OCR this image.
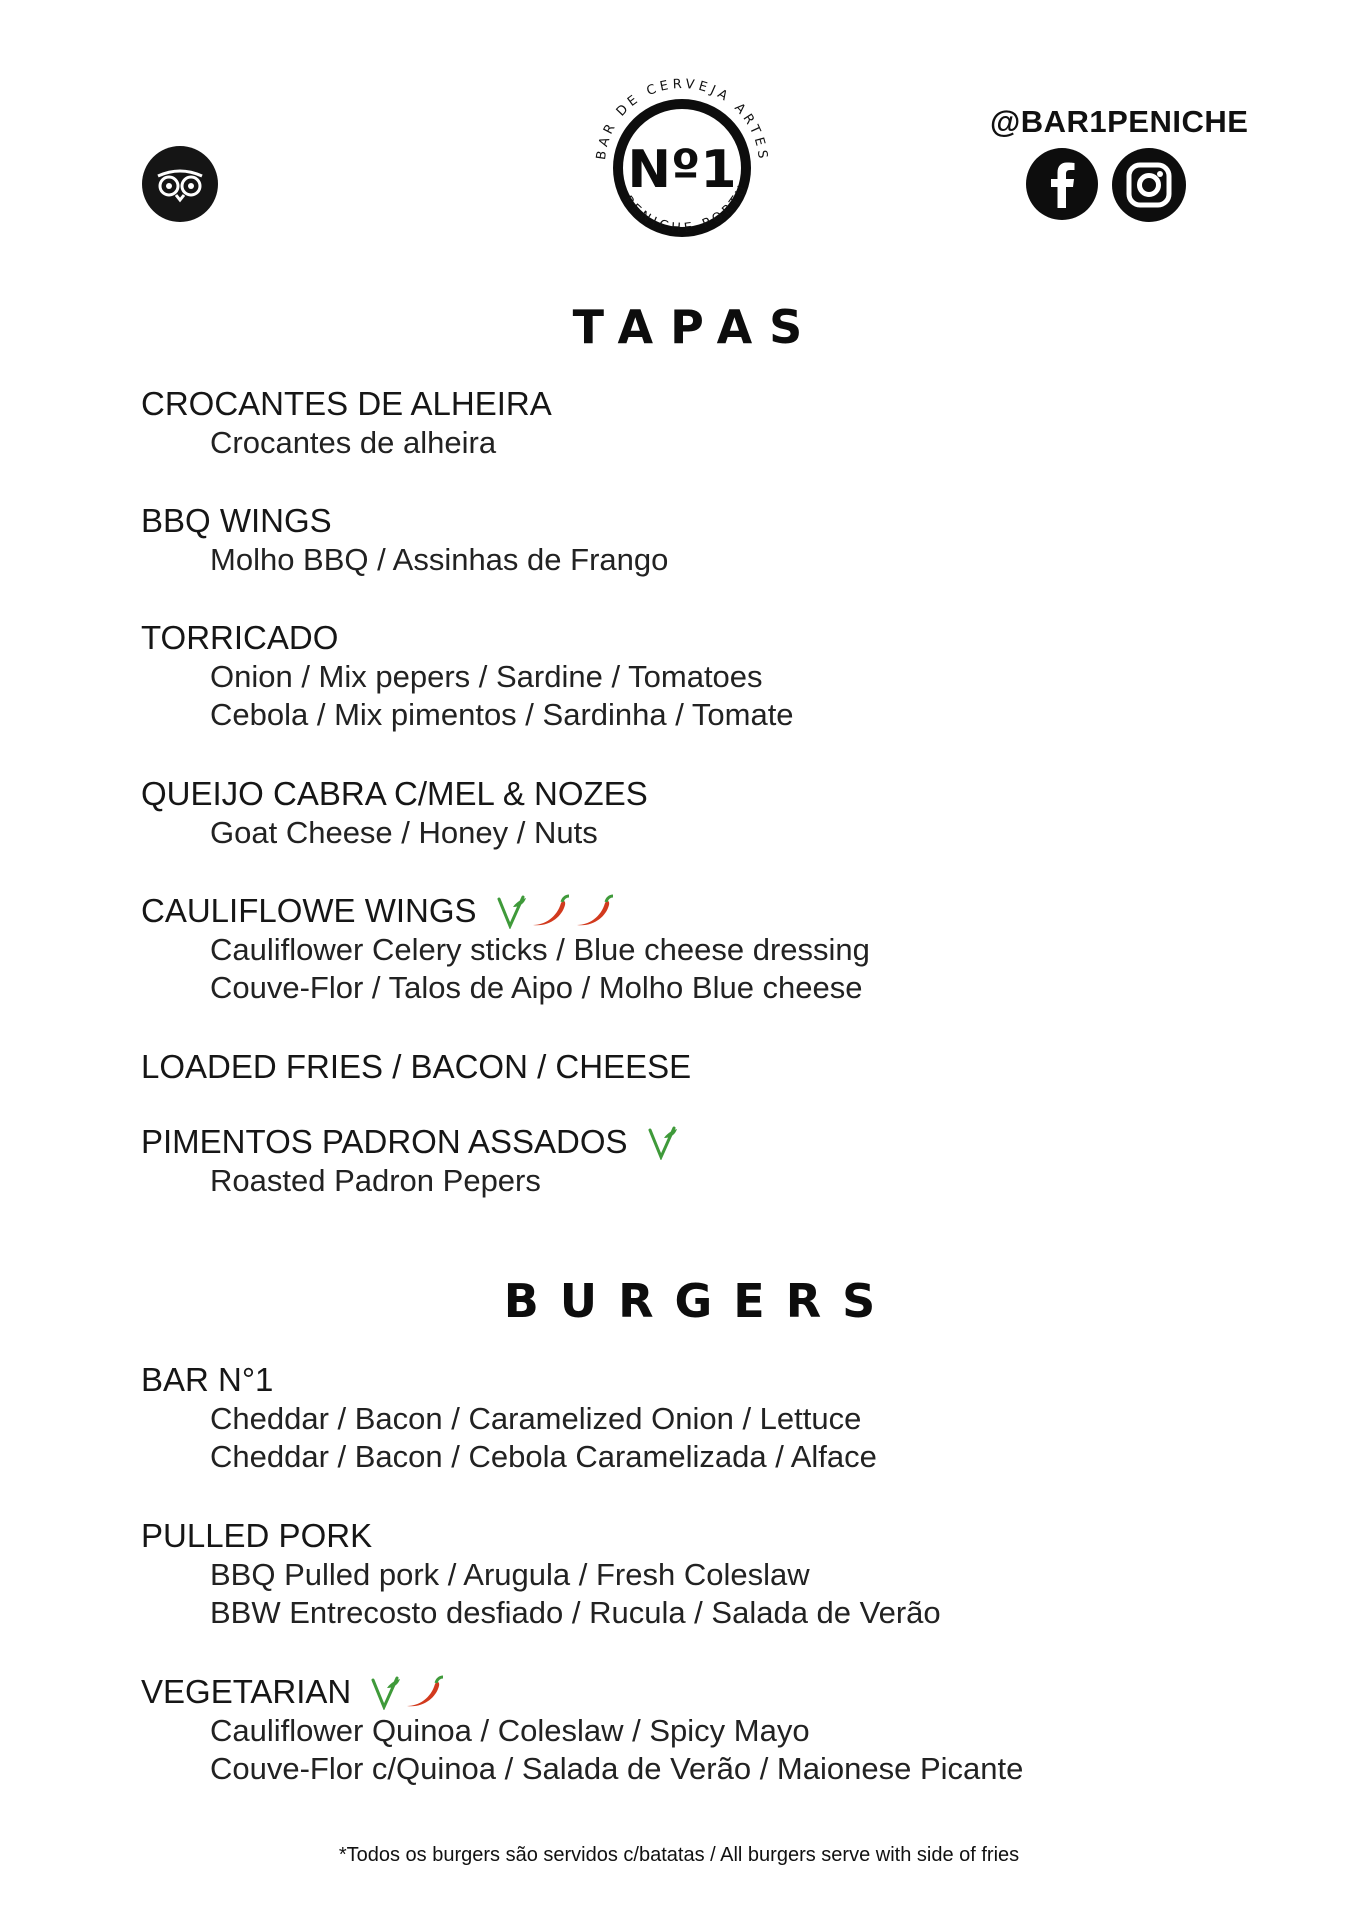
BAR DE CERVEJA ARTES
PENICHE PORTU
Nº1
@BAR1PENICHE
TAPAS
CROCANTES DE ALHEIRA
Crocantes de alheira
BBQ WINGS
Molho BBQ / Assinhas de Frango
TORRICADO
Onion / Mix pepers / Sardine / Tomatoes
Cebola / Mix pimentos / Sardinha / Tomate
QUEIJO CABRA C/MEL & NOZES
Goat Cheese / Honey / Nuts
CAULIFLOWE WINGS
Cauliflower Celery sticks / Blue cheese dressing
Couve-Flor / Talos de Aipo / Molho Blue cheese
LOADED FRIES / BACON / CHEESE
PIMENTOS PADRON ASSADOS
Roasted Padron Pepers
BURGERS
BAR N°1
Cheddar / Bacon / Caramelized Onion / Lettuce
Cheddar / Bacon / Cebola Caramelizada / Alface
PULLED PORK
BBQ Pulled pork / Arugula / Fresh Coleslaw
BBW Entrecosto desfiado / Rucula / Salada de Verão
VEGETARIAN
Cauliflower Quinoa / Coleslaw / Spicy Mayo
Couve-Flor c/Quinoa / Salada de Verão / Maionese Picante
*Todos os burgers são servidos c/batatas / All burgers serve with side of fries
